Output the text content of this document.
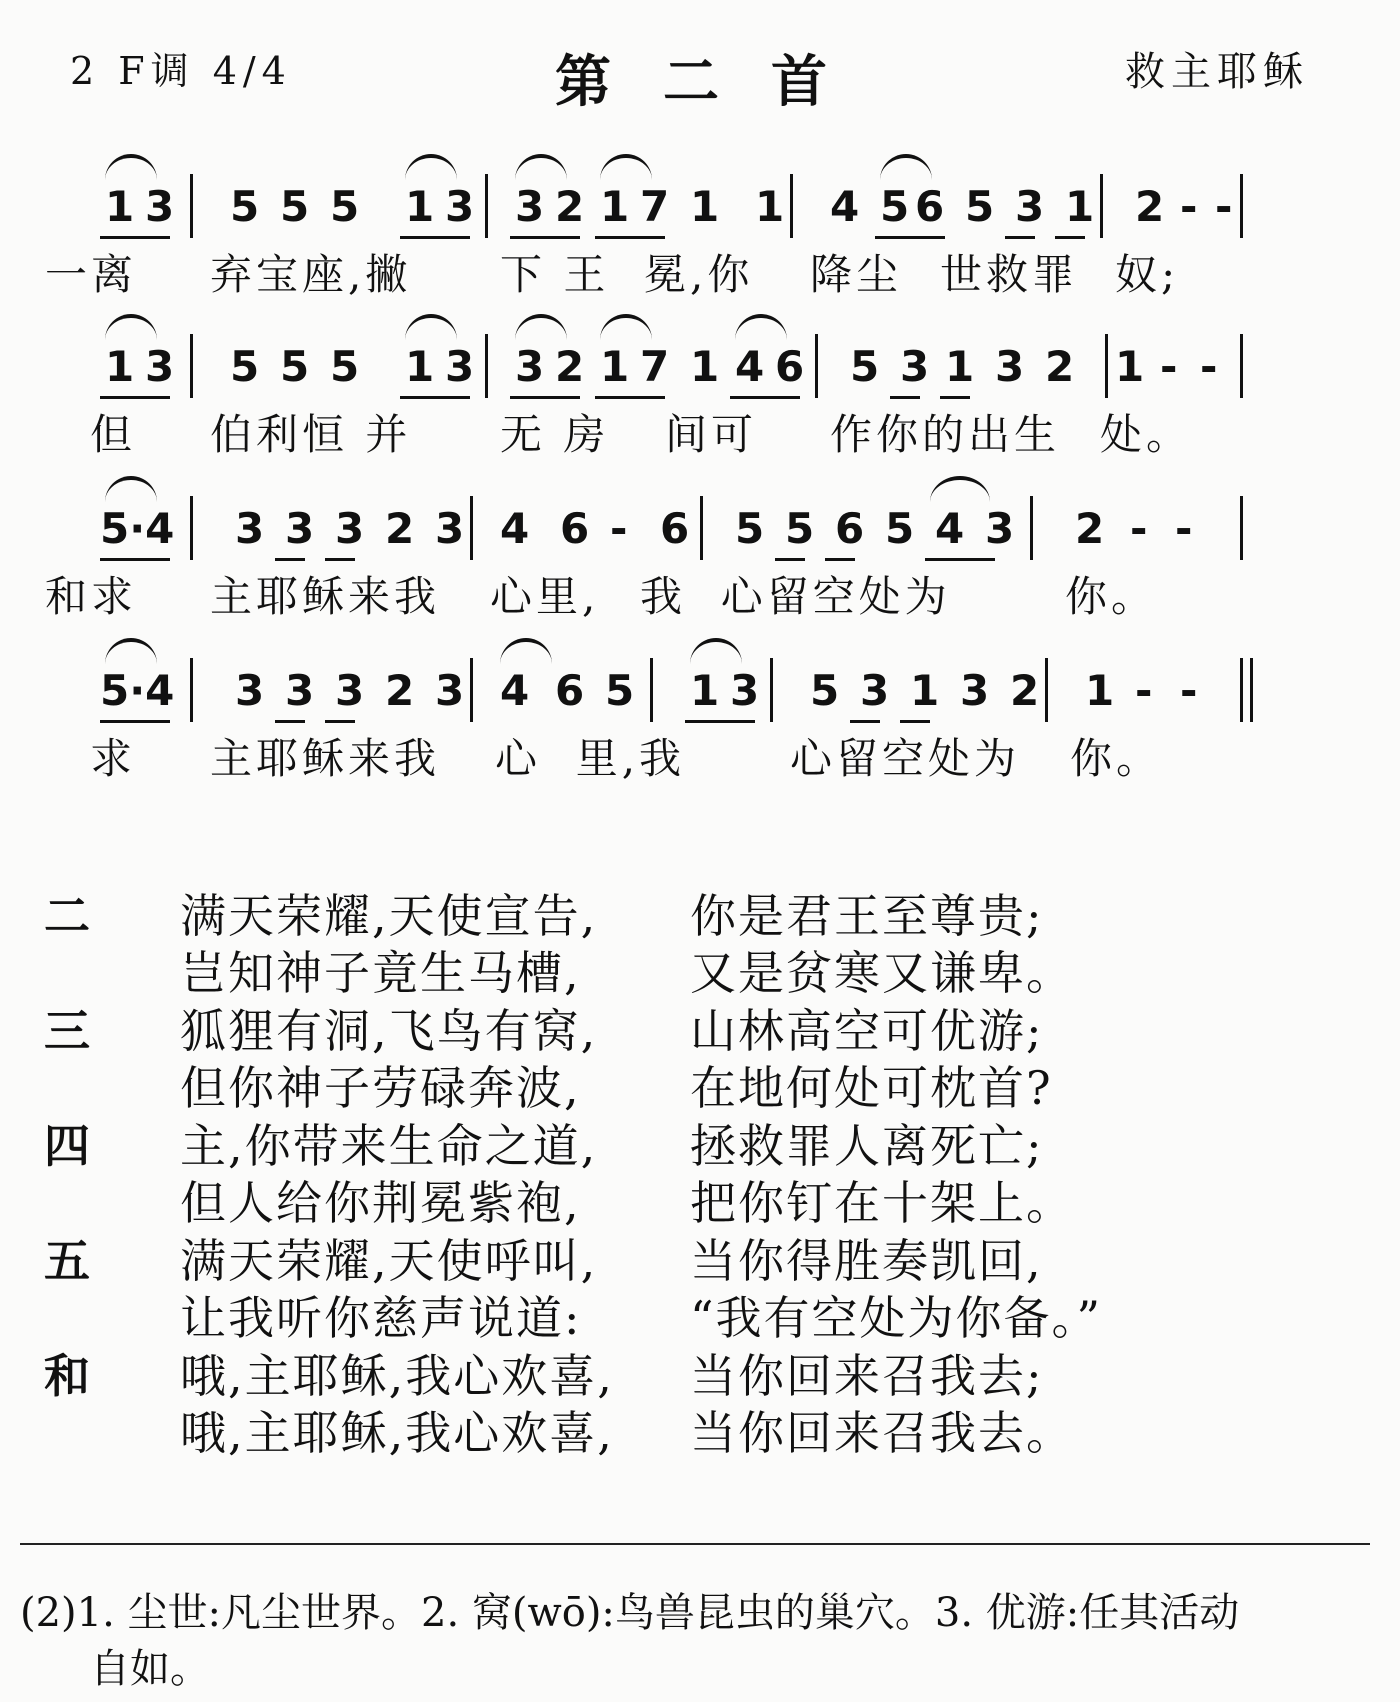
2 F调 4/4	第二首	救主耶稣
1 3 5 5 5 1 3 3 2 1 7 1 1 4 5 6 5 3 1 2 - -
一离 弃宝座,撇 下 王  冕,你 降尘 世救罪 奴;
1 3 5 5 5 1 3 3 2 1 7 1 4 6 5 3 1 3 2 1 - -
但 伯利恒 并 无 房 间可 作你的出生 处。
5·4 3 3 3 2 3 4 6 - 6 5 5 6 5 4 3 2 - -
和求 主耶稣来我 心里, 我  心留空处为	你。
5·4 3 3 3 2 3 4 6 5 1 3 5 3 1 3 2 1 - -
求 主耶稣来我 心  里,我 心留空处为 你。
二 满天荣耀,天使宣告, 你是君王至尊贵;
岂知神子竟生马槽, 又是贫寒又谦卑。
三 狐狸有洞,飞鸟有窝, 山林高空可优游;
但你神子劳碌奔波, 在地何处可枕首?
四 主,你带来生命之道, 拯救罪人离死亡;
但人给你荆冕紫袍, 把你钉在十架上。
五 满天荣耀,天使呼叫, 当你得胜奏凯回,
让我听你慈声说道: “我有空处为你备。”
和 哦,主耶稣,我心欢喜, 当你回来召我去;
哦,主耶稣,我心欢喜, 当你回来召我去。
(2)1. 尘世:凡尘世界。2. 窝(wō):鸟兽昆虫的巢穴。3. 优游:任其活动
自如。
